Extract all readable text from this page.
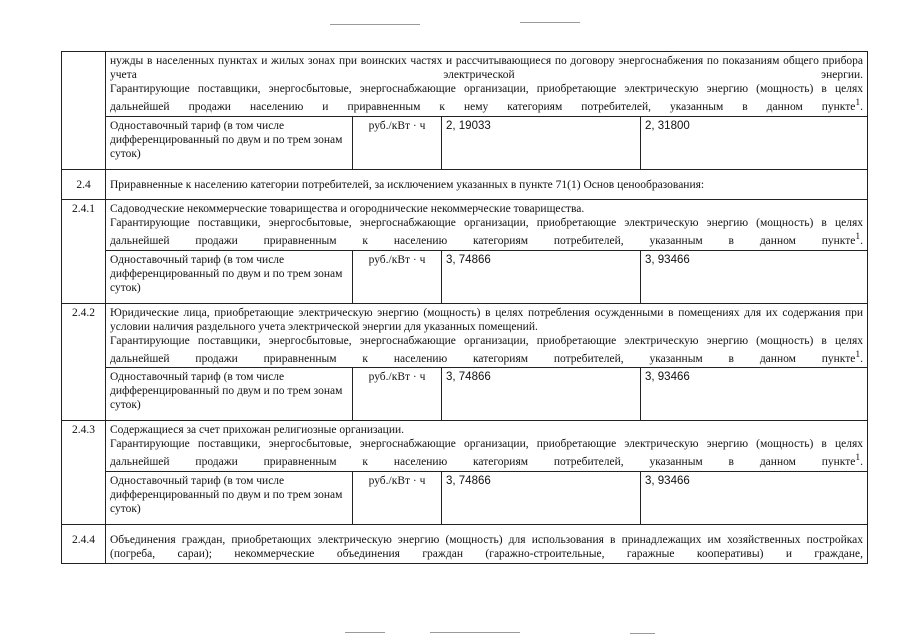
	нужды в населенных пунктах и жилых зонах при воинских частях и рассчитывающиеся по договору энергоснабжения по показаниям общего прибора учета электрической энергии.

Гарантирующие поставщики, энергосбытовые, энергоснабжающие организации, приобретающие электрическую энергию (мощность) в целях дальнейшей продажи населению и приравненным к нему категориям потребителей, указанным в данном пункте$^1$.			

	Одноставочный тариф (в том числе дифференцированный по двум и по трем зонам суток)	руб./кВт · ч	2, 19033	2, 31800
2.4	Приравненные к населению категории потребителей, за исключением указанных в пункте 71(1) Основ ценообразования:			
2.4.1	Садоводческие некоммерческие товарищества и огороднические некоммерческие товарищества.

Гарантирующие поставщики, энергосбытовые, энергоснабжающие организации, приобретающие электрическую энергию (мощность) в целях дальнейшей продажи приравненным к населению категориям потребителей, указанным в данном пункте$^1$.			

	Одноставочный тариф (в том числе дифференцированный по двум и по трем зонам суток)	руб./кВт · ч	3, 74866	3, 93466
2.4.2	Юридические лица, приобретающие электрическую энергию (мощность) в целях потребления осужденными в помещениях для их содержания при условии наличия раздельного учета электрической энергии для указанных помещений.

Гарантирующие поставщики, энергосбытовые, энергоснабжающие организации, приобретающие электрическую энергию (мощность) в целях дальнейшей продажи приравненным к населению категориям потребителей, указанным в данном пункте$^1$.			

	Одноставочный тариф (в том числе дифференцированный по двум и по трем зонам суток)	руб./кВт · ч	3, 74866	3, 93466
2.4.3	Содержащиеся за счет прихожан религиозные организации.

Гарантирующие поставщики, энергосбытовые, энергоснабжающие организации, приобретающие электрическую энергию (мощность) в целях дальнейшей продажи приравненным к населению категориям потребителей, указанным в данном пункте$^1$.			

	Одноставочный тариф (в том числе дифференцированный по двум и по трем зонам суток)	руб./кВт · ч	3, 74866	3, 93466
2.4.4	Объединения граждан, приобретающих электрическую энергию (мощность) для использования в принадлежащих им хозяйственных постройках (погреба, сараи); некоммерческие объединения граждан (гаражно-строительные, гаражные кооперативы) и граждане,			
